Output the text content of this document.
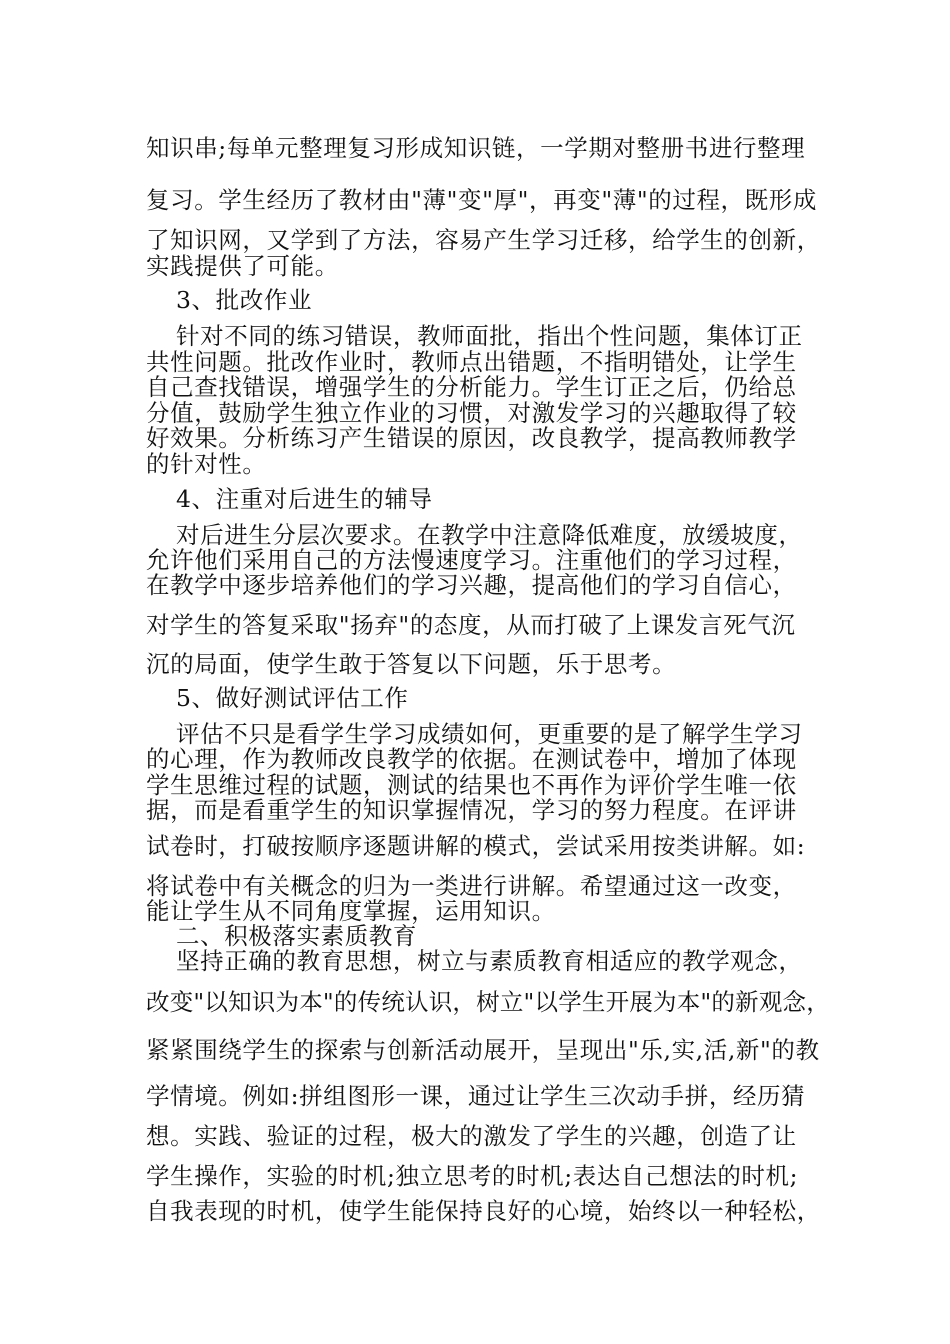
知识串;每单元整理复习形成知识链，一学期对整册书进行整理

复习。学生经历了教材由"薄"变"厚"，再变"薄"的过程，既形成

了知识网，又学到了方法，容易产生学习迁移，给学生的创新，

实践提供了可能。

3、批改作业

针对不同的练习错误，教师面批，指出个性问题，集体订正

共性问题。批改作业时，教师点出错题，不指明错处，让学生

自己查找错误，增强学生的分析能力。学生订正之后，仍给总

分值，鼓励学生独立作业的习惯，对激发学习的兴趣取得了较

好效果。分析练习产生错误的原因，改良教学，提高教师教学

的针对性。

4、注重对后进生的辅导

对后进生分层次要求。在教学中注意降低难度，放缓坡度，

允许他们采用自己的方法慢速度学习。注重他们的学习过程，

在教学中逐步培养他们的学习兴趣，提高他们的学习自信心，

对学生的答复采取"扬弃"的态度，从而打破了上课发言死气沉

沉的局面，使学生敢于答复以下问题，乐于思考。

5、做好测试评估工作

评估不只是看学生学习成绩如何，更重要的是了解学生学习

的心理，作为教师改良教学的依据。在测试卷中，增加了体现

学生思维过程的试题，测试的结果也不再作为评价学生唯一依

据，而是看重学生的知识掌握情况，学习的努力程度。在评讲

试卷时，打破按顺序逐题讲解的模式，尝试采用按类讲解。如:

将试卷中有关概念的归为一类进行讲解。希望通过这一改变，

能让学生从不同角度掌握，运用知识。

二、积极落实素质教育

坚持正确的教育思想，树立与素质教育相适应的教学观念，

改变"以知识为本"的传统认识，树立"以学生开展为本"的新观念，

紧紧围绕学生的探索与创新活动展开，呈现出"乐,实,活,新"的教

学情境。例如:拼组图形一课，通过让学生三次动手拼，经历猜

想。实践、验证的过程，极大的激发了学生的兴趣，创造了让

学生操作，实验的时机;独立思考的时机;表达自己想法的时机;

自我表现的时机，使学生能保持良好的心境，始终以一种轻松，
